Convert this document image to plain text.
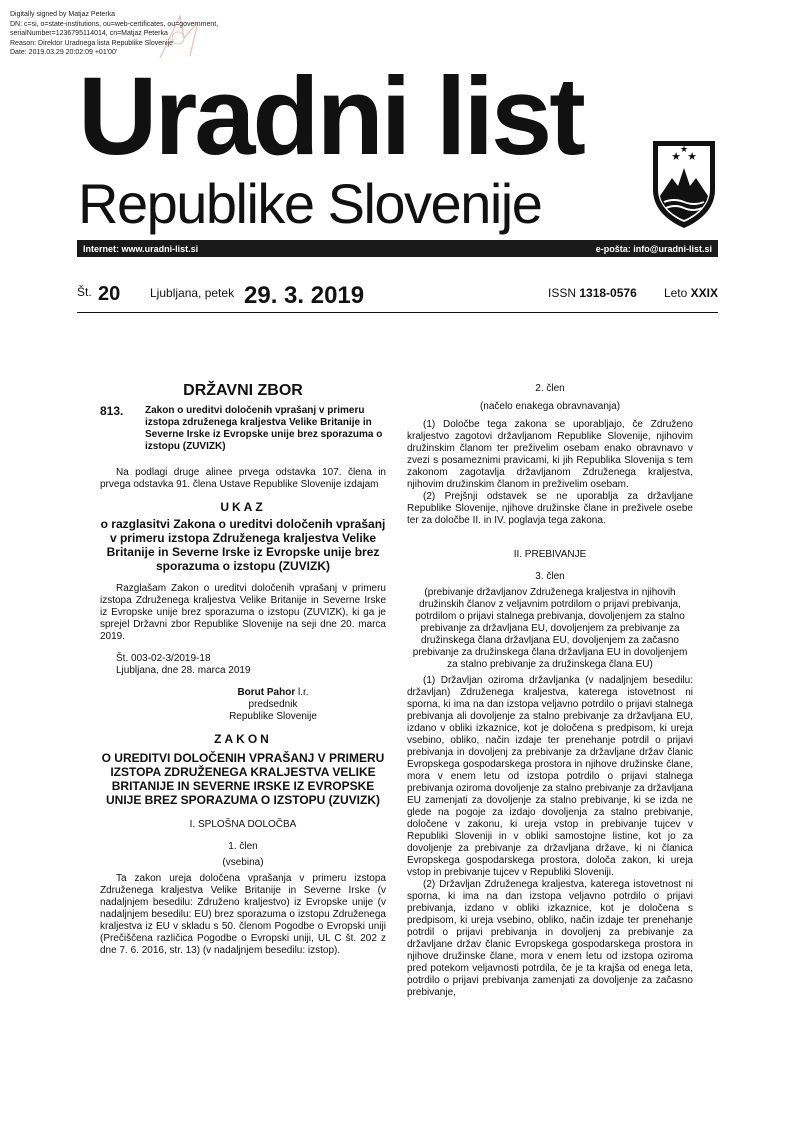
Digitally signed by Matjaz Peterka
DN: c=si, o=state-institutions, ou=web-certificates, ou=government,
serialNumber=1236795114014, cn=Matjaz Peterka
Reason: Direktor Uradnega lista Republike Slovenije
Date: 2019.03.29 20:02:09 +01'00'
Uradni list
Republike Slovenije
★ ★
★
Internet: www.uradni-list.si	e-pošta: info@uradni-list.si
Št. 20 Ljubljana, petek 29. 3. 2019	ISSN 1318-0576 Leto XXIX
DRŽAVNI ZBOR
813.	Zakon o ureditvi določenih vprašanj v primeru izstopa združenega kraljestva Velike Britanije in Severne Irske iz Evropske unije brez sporazuma o izstopu (ZUVIZK)

Na podlagi druge alinee prvega odstavka 107. člena in prvega odstavka 91. člena Ustave Republike Slovenije izdajam

UKAZ
o razglasitvi Zakona o ureditvi določenih vprašanj v primeru izstopa Združenega kraljestva Velike Britanije in Severne Irske iz Evropske unije brez sporazuma o izstopu (ZUVIZK)

Razglašam Zakon o ureditvi določenih vprašanj v primeru izstopa Združenega kraljestva Velike Britanije in Severne Irske iz Evropske unije brez sporazuma o izstopu (ZUVIZK), ki ga je sprejel Državni zbor Republike Slovenije na seji dne 20. marca 2019.

Št. 003-02-3/2019-18
Ljubljana, dne 28. marca 2019
Borut Pahor l.r.
predsednik
Republike Slovenije
ZAKON
O UREDITVI DOLOČENIH VPRAŠANJ V PRIMERU IZSTOPA ZDRUŽENEGA KRALJESTVA VELIKE BRITANIJE IN SEVERNE IRSKE IZ EVROPSKE UNIJE BREZ SPORAZUMA O IZSTOPU (ZUVIZK)
I. SPLOŠNA DOLOČBA
1. člen
(vsebina)

Ta zakon ureja določena vprašanja v primeru izstopa Združenega kraljestva Velike Britanije in Severne Irske (v nadaljnjem besedilu: Združeno kraljestvo) iz Evropske unije (v nadaljnjem besedilu: EU) brez sporazuma o izstopu Združenega kraljestva iz EU v skladu s 50. členom Pogodbe o Evropski uniji (Prečiščena različica Pogodbe o Evropski uniji, UL C št. 202 z dne 7. 6. 2016, str. 13) (v nadaljnjem besedilu: izstop).

2. člen
(načelo enakega obravnavanja)

(1) Določbe tega zakona se uporabljajo, če Združeno kraljestvo zagotovi državljanom Republike Slovenije, njihovim družinskim članom ter preživelim osebam enako obravnavo v zvezi s posameznimi pravicami, ki jih Republika Slovenija s tem zakonom zagotavlja državljanom Združenega kraljestva, njihovim družinskim članom in preživelim osebam.

(2) Prejšnji odstavek se ne uporablja za državljane Republike Slovenije, njihove družinske člane in preživele osebe ter za določbe II. in IV. poglavja tega zakona.

II. PREBIVANJE
3. člen
(prebivanje državljanov Združenega kraljestva in njihovih družinskih članov z veljavnim potrdilom o prijavi prebivanja, potrdilom o prijavi stalnega prebivanja, dovoljenjem za stalno prebivanje za državljana EU, dovoljenjem za prebivanje za družinskega člana državljana EU, dovoljenjem za začasno prebivanje za družinskega člana državljana EU in dovoljenjem za stalno prebivanje za družinskega člana EU)

(1) Državljan oziroma državljanka (v nadaljnjem besedilu: državljan) Združenega kraljestva, katerega istovetnost ni sporna, ki ima na dan izstopa veljavno potrdilo o prijavi stalnega prebivanja ali dovoljenje za stalno prebivanje za državljana EU, izdano v obliki izkaznice, kot je določena s predpisom, ki ureja vsebino, obliko, način izdaje ter prenehanje potrdil o prijavi prebivanja in dovoljenj za prebivanje za državljane držav članic Evropskega gospodarskega prostora in njihove družinske člane, mora v enem letu od izstopa potrdilo o prijavi stalnega prebivanja oziroma dovoljenje za stalno prebivanje za državljana EU zamenjati za dovoljenje za stalno prebivanje, ki se izda ne glede na pogoje za izdajo dovoljenja za stalno prebivanje, določene v zakonu, ki ureja vstop in prebivanje tujcev v Republiki Sloveniji in v obliki samostojne listine, kot jo za dovoljenje za prebivanje za državljana države, ki ni članica Evropskega gospodarskega prostora, določa zakon, ki ureja vstop in prebivanje tujcev v Republiki Sloveniji.

(2) Državljan Združenega kraljestva, katerega istovetnost ni sporna, ki ima na dan izstopa veljavno potrdilo o prijavi prebivanja, izdano v obliki izkaznice, kot je določena s predpisom, ki ureja vsebino, obliko, način izdaje ter prenehanje potrdil o prijavi prebivanja in dovoljenj za prebivanje za državljane držav članic Evropskega gospodarskega prostora in njihove družinske člane, mora v enem letu od izstopa oziroma pred potekom veljavnosti potrdila, če je ta krajša od enega leta, potrdilo o prijavi prebivanja zamenjati za dovoljenje za začasno prebivanje,
